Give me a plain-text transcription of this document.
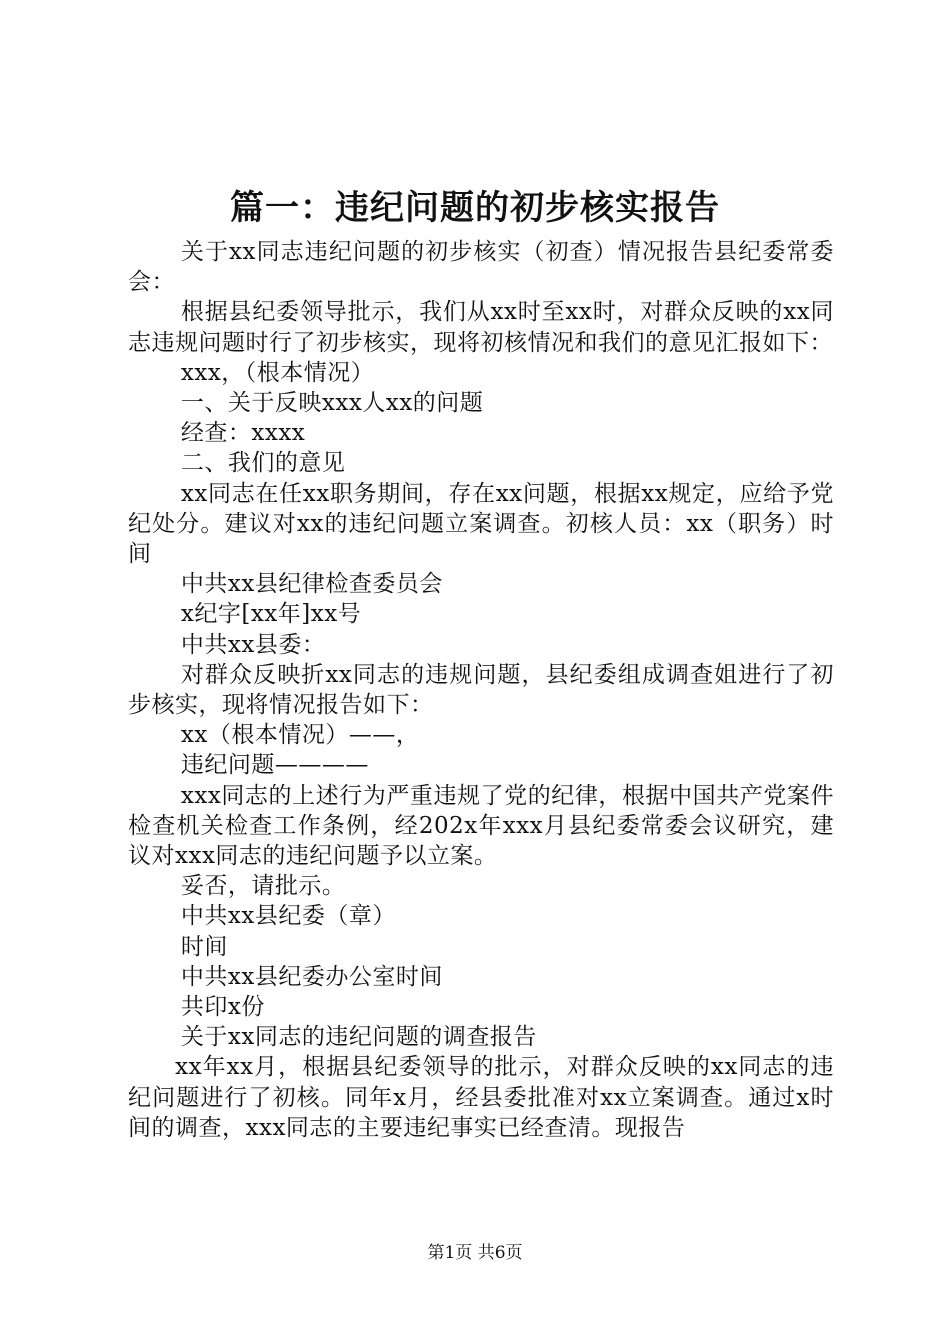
篇一：违纪问题的初步核实报告

关于xx同志违纪问题的初步核实（初查）情况报告县纪委常委会：

根据县纪委领导批示，我们从xx时至xx时，对群众反映的xx同志违规问题时行了初步核实，现将初核情况和我们的意见汇报如下：

xxx，（根本情况）

一、关于反映xxx人xx的问题

经查：xxxx

二、我们的意见

xx同志在任xx职务期间，存在xx问题，根据xx规定，应给予党纪处分。建议对xx的违纪问题立案调查。初核人员：xx（职务）时间

中共xx县纪律检查委员会

x纪字[xx年]xx号

中共xx县委：

对群众反映折xx同志的违规问题，县纪委组成调查姐进行了初步核实，现将情况报告如下：

xx（根本情况）——，

违纪问题————

xxx同志的上述行为严重违规了党的纪律，根据中国共产党案件检查机关检查工作条例，经202x年xxx月县纪委常委会议研究，建议对xxx同志的违纪问题予以立案。

妥否，请批示。

中共xx县纪委（章）

时间

中共xx县纪委办公室时间

共印x份

关于xx同志的违纪问题的调查报告

xx年xx月，根据县纪委领导的批示，对群众反映的xx同志的违纪问题进行了初核。同年x月，经县委批准对xx立案调查。通过x时间的调查，xxx同志的主要违纪事实已经查清。现报告

第1页 共6页
